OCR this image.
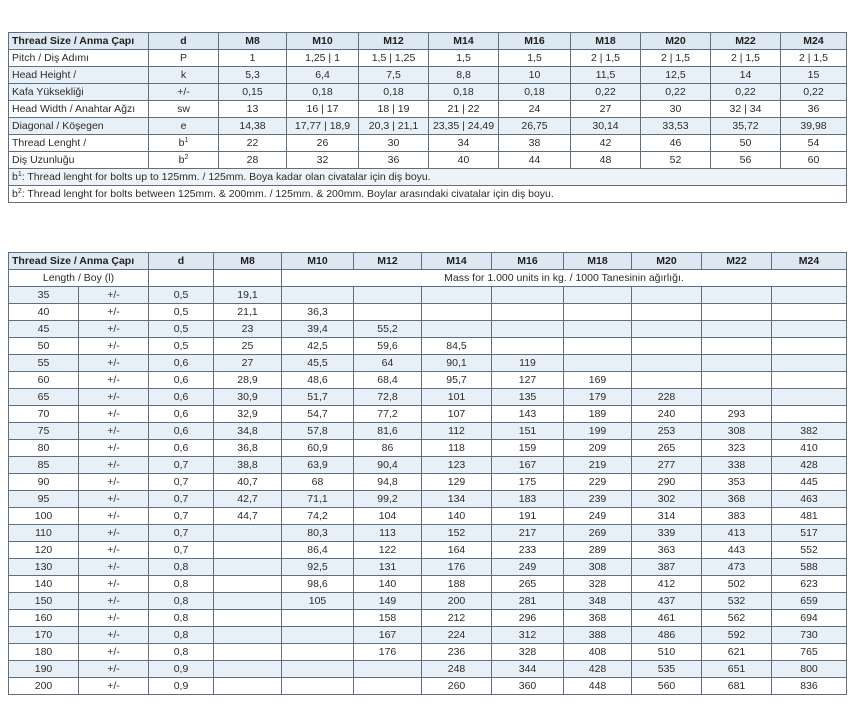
Thread Size / Anma Çapı	d	M8	M10	M12	M14	M16	M18	M20	M22	M24
Pitch / Diş Adımı	P	1	1,25 | 1	1,5 | 1,25	1,5	1,5	2 | 1,5	2 | 1,5	2 | 1,5	2 | 1,5
Head Height /	k	5,3	6,4	7,5	8,8	10	11,5	12,5	14	15
Kafa Yüksekliği	+/-	0,15	0,18	0,18	0,18	0,18	0,22	0,22	0,22	0,22
Head Width / Anahtar Ağzı	sw	13	16 | 17	18 | 19	21 | 22	24	27	30	32 | 34	36
Diagonal / Köşegen	e	14,38	17,77 | 18,9	20,3 | 21,1	23,35 | 24,49	26,75	30,14	33,53	35,72	39,98
Thread Lenght /	$b^1$	22	26	30	34	38	42	46	50	54
Diş Uzunluğu	$b^2$	28	32	36	40	44	48	52	56	60
$b^1$: Thread lenght for bolts up to 125mm. / 125mm. Boya kadar olan civatalar için diş boyu.										
$b^2$: Thread lenght for bolts between 125mm. & 200mm. / 125mm. & 200mm. Boylar arasındaki civatalar için diş boyu.										
Thread Size / Anma Çapı		d	M8	M10	M12	M14	M16	M18	M20	M22	M24
Length / Boy (l)				Mass for 1.000 units in kg. / 1000 Tanesinin ağırlığı.							
35	+/-	0,5	19,1								
40	+/-	0,5	21,1	36,3							
45	+/-	0,5	23	39,4	55,2						
50	+/-	0,5	25	42,5	59,6	84,5					
55	+/-	0,6	27	45,5	64	90,1	119				
60	+/-	0,6	28,9	48,6	68,4	95,7	127	169			
65	+/-	0,6	30,9	51,7	72,8	101	135	179	228		
70	+/-	0,6	32,9	54,7	77,2	107	143	189	240	293	
75	+/-	0,6	34,8	57,8	81,6	112	151	199	253	308	382
80	+/-	0,6	36,8	60,9	86	118	159	209	265	323	410
85	+/-	0,7	38,8	63,9	90,4	123	167	219	277	338	428
90	+/-	0,7	40,7	68	94,8	129	175	229	290	353	445
95	+/-	0,7	42,7	71,1	99,2	134	183	239	302	368	463
100	+/-	0,7	44,7	74,2	104	140	191	249	314	383	481
110	+/-	0,7		80,3	113	152	217	269	339	413	517
120	+/-	0,7		86,4	122	164	233	289	363	443	552
130	+/-	0,8		92,5	131	176	249	308	387	473	588
140	+/-	0,8		98,6	140	188	265	328	412	502	623
150	+/-	0,8		105	149	200	281	348	437	532	659
160	+/-	0,8			158	212	296	368	461	562	694
170	+/-	0,8			167	224	312	388	486	592	730
180	+/-	0,8			176	236	328	408	510	621	765
190	+/-	0,9				248	344	428	535	651	800
200	+/-	0,9				260	360	448	560	681	836
